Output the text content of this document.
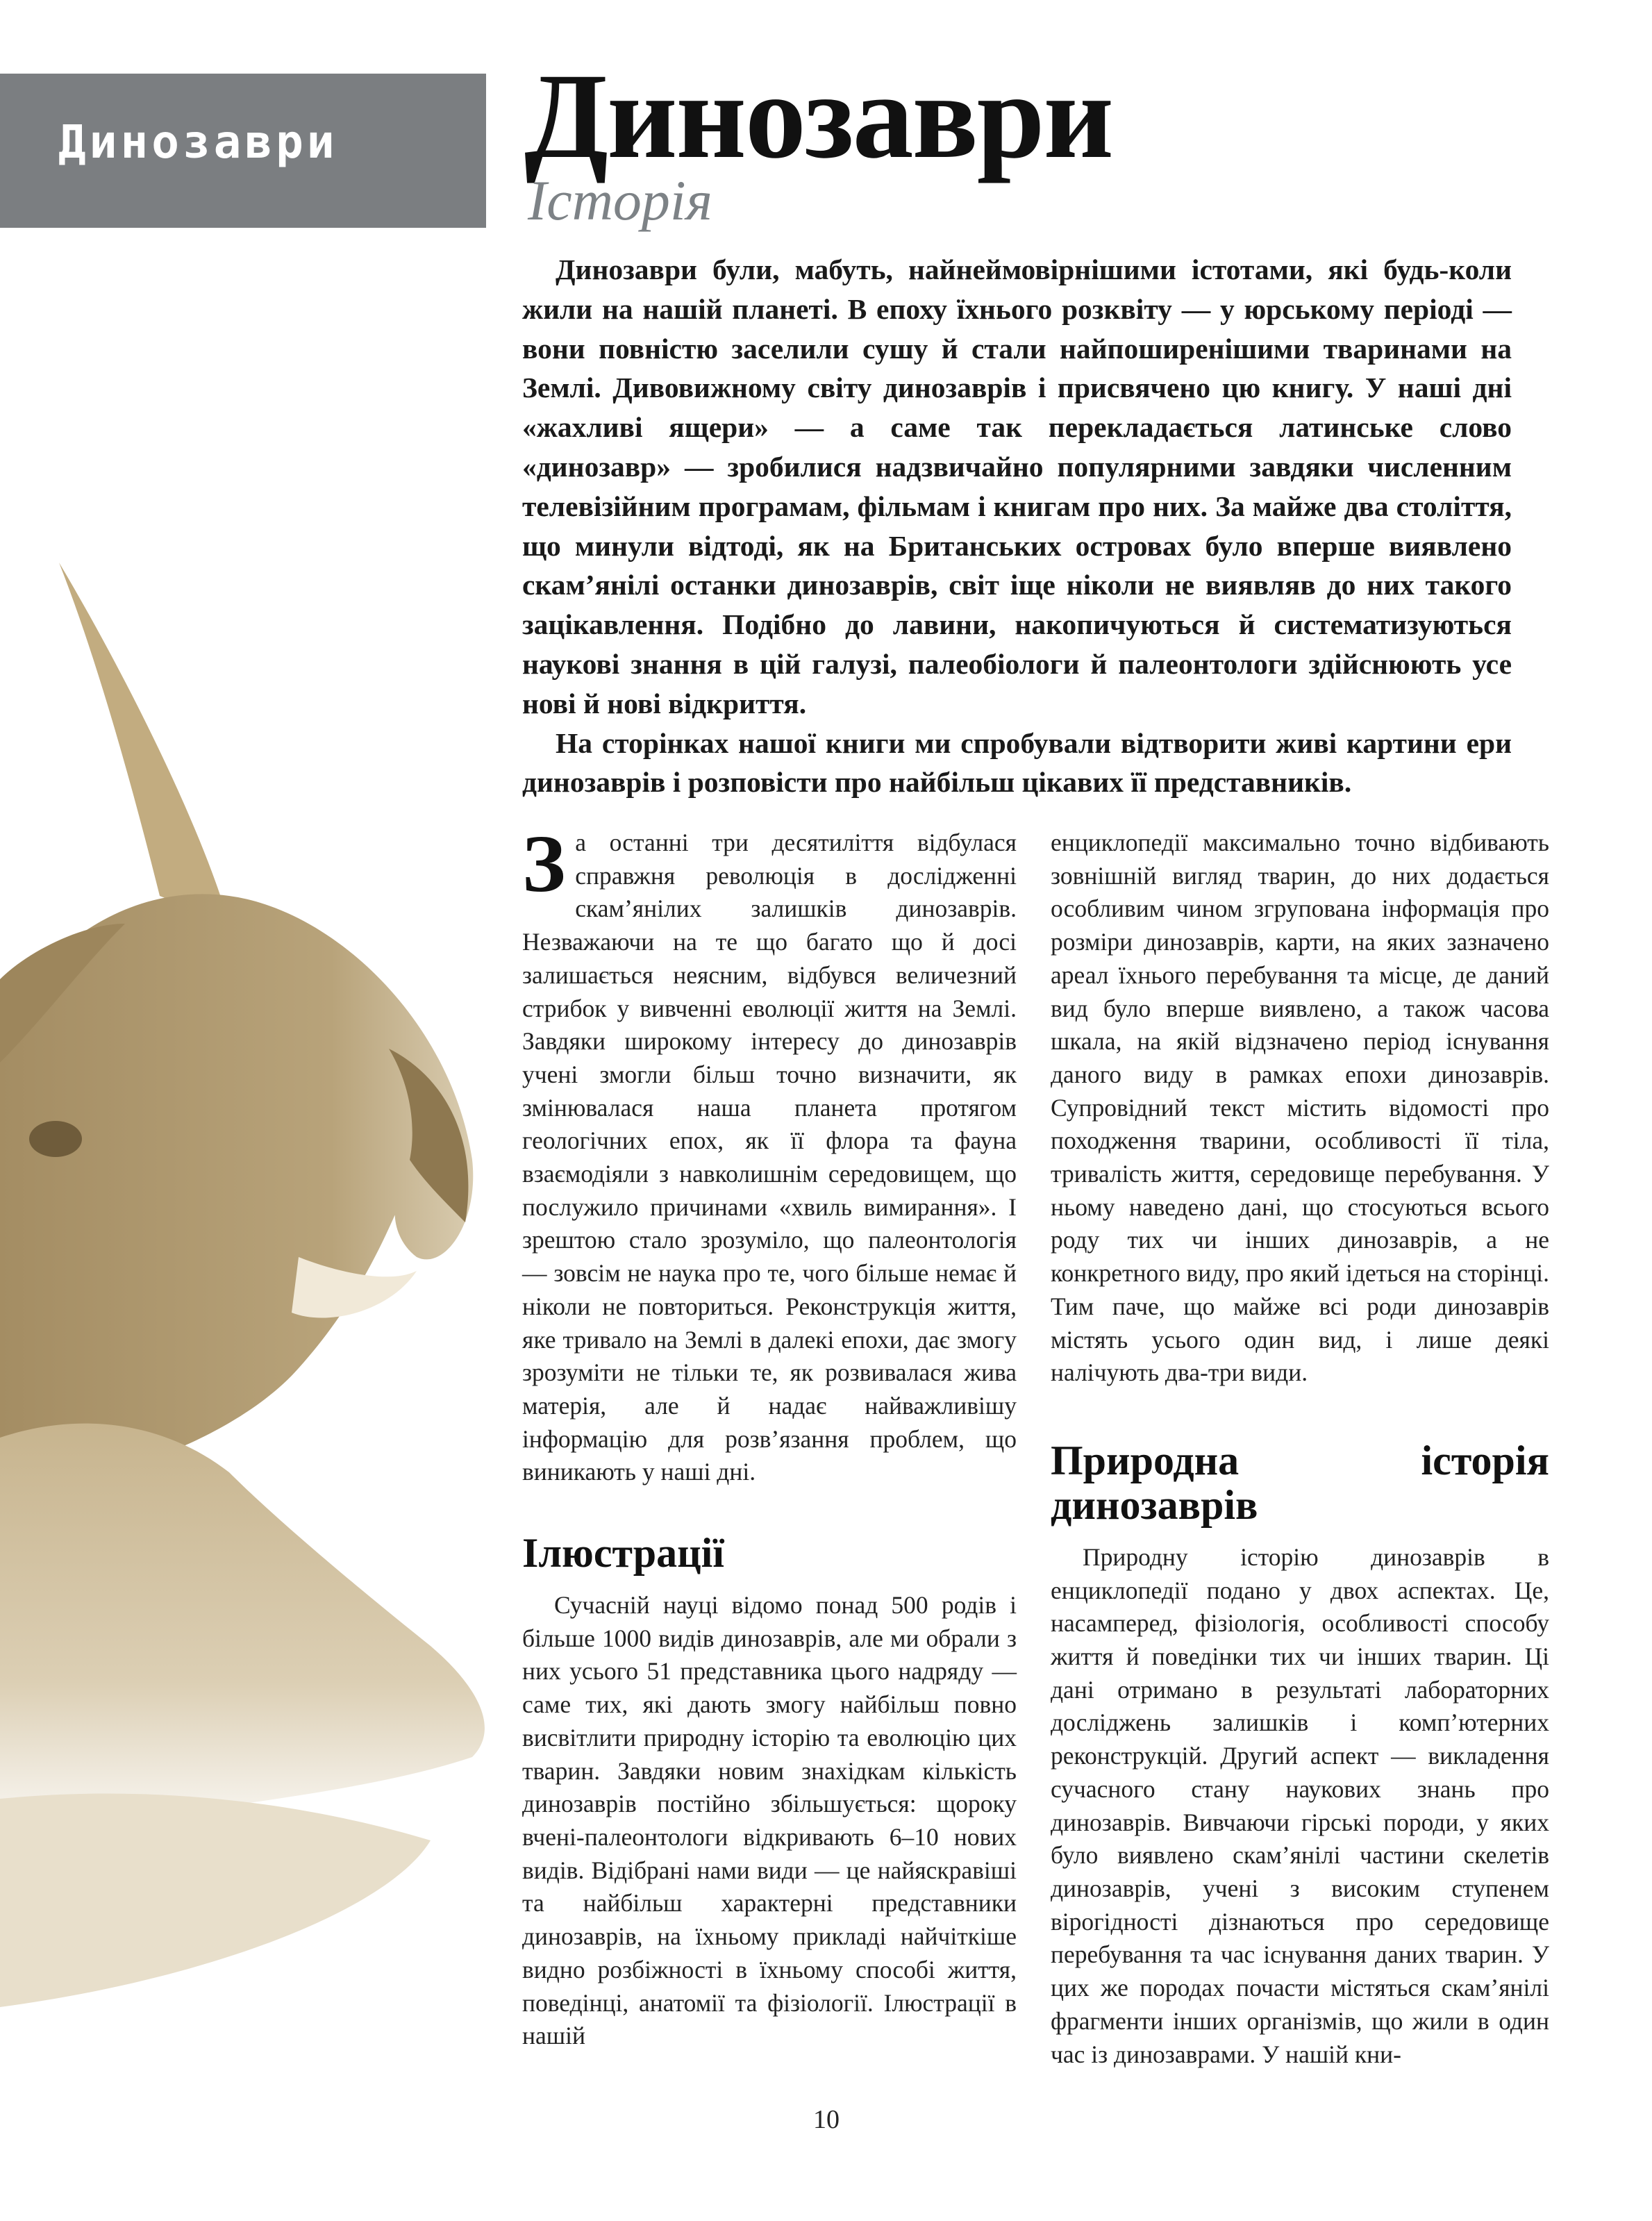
Динозаври Динозаври
Історія

Динозаври були, мабуть, найнеймовірнішими істотами, які будь-коли жили на нашій планеті. В епоху їхнього розквіту — у юрському періоді — вони повністю заселили сушу й стали найпоширенішими тваринами на Землі. Дивовижному світу динозаврів і присвячено цю книгу. У наші дні «жахливі ящери» — а саме так перекладається латинське слово «динозавр» — зробилися надзвичайно популярними завдяки численним телевізійним програмам, фільмам і книгам про них. За майже два століття, що минули відтоді, як на Британських островах було вперше виявлено скам’янілі останки динозаврів, світ іще ніколи не виявляв до них такого зацікавлення. Подібно до лавини, накопичуються й систематизуються наукові знання в цій галузі, палеобіологи й палеонтологи здійснюють усе нові й нові відкриття.

На сторінках нашої книги ми спробували відтворити живі картини ери динозаврів і розповісти про найбільш цікавих її представників.

За останні три десятиліття відбулася справжня революція в дослідженні скам’янілих залишків динозаврів. Незважаючи на те що багато що й досі залишається неясним, відбувся величезний стрибок у вивченні еволюції життя на Землі. Завдяки широкому інтересу до динозаврів учені змогли більш точно визначити, як змінювалася наша планета протягом геологічних епох, як її флора та фауна взаємодіяли з навколишнім середовищем, що послужило причинами «хвиль вимирання». І зрештою стало зрозуміло, що палеонтологія — зовсім не наука про те, чого більше немає й ніколи не повториться. Реконструкція життя, яке тривало на Землі в далекі епохи, дає змогу зрозуміти не тільки те, як розвивалася жива матерія, але й надає найважливішу інформацію для розв’язання проблем, що виникають у наші дні.

Ілюстрації

Сучасній науці відомо понад 500 родів і більше 1000 видів динозаврів, але ми обрали з них усього 51 представника цього надряду — саме тих, які дають змогу найбільш повно висвітлити природну історію та еволюцію цих тварин. Завдяки новим знахідкам кількість динозаврів постійно збільшується: щороку вчені-палеонтологи відкривають 6–10 нових видів. Відібрані нами види — це найяскравіші та найбільш характерні представники динозаврів, на їхньому прикладі найчіткіше видно розбіжності в їхньому способі життя, поведінці, анатомії та фізіології. Ілюстрації в нашій

енциклопедії максимально точно відбивають зовнішній вигляд тварин, до них додається особливим чином згрупована інформація про розміри динозаврів, карти, на яких зазначено ареал їхнього перебування та місце, де даний вид було вперше виявлено, а також часова шкала, на якій відзначено період існування даного виду в рамках епохи динозаврів. Супровідний текст містить відомості про походження тварини, особливості її тіла, тривалість життя, середовище перебування. У ньому наведено дані, що стосуються всього роду тих чи інших динозаврів, а не конкретного виду, про який ідеться на сторінці. Тим паче, що майже всі роди динозаврів містять усього один вид, і лише деякі налічують два-три види.

Природна історія динозаврів

Природну історію динозаврів в енциклопедії подано у двох аспектах. Це, насамперед, фізіологія, особливості способу життя й поведінки тих чи інших тварин. Ці дані отримано в результаті лабораторних досліджень залишків і комп’ютерних реконструкцій. Другий аспект — викладення сучасного стану наукових знань про динозаврів. Вивчаючи гірські породи, у яких було виявлено скам’янілі частини скелетів динозаврів, учені з високим ступенем вірогідності дізнаються про середовище перебування та час існування даних тварин. У цих же породах почасти містяться скам’янілі фрагменти інших організмів, що жили в один час із динозаврами. У нашій кни-

10
